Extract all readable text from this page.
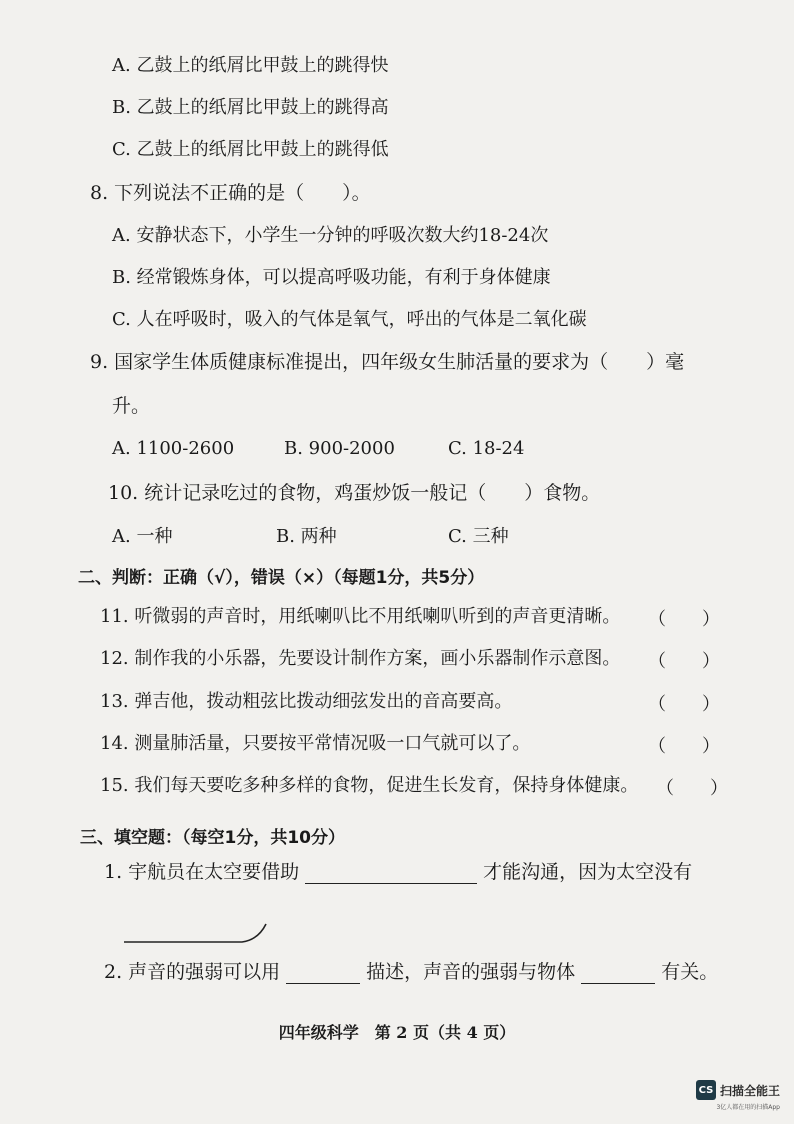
A. 乙鼓上的纸屑比甲鼓上的跳得快
B. 乙鼓上的纸屑比甲鼓上的跳得高
C. 乙鼓上的纸屑比甲鼓上的跳得低
8. 下列说法不正确的是（　　）。
A. 安静状态下，小学生一分钟的呼吸次数大约18-24次
B. 经常锻炼身体，可以提高呼吸功能，有利于身体健康
C. 人在呼吸时，吸入的气体是氧气，呼出的气体是二氧化碳
9. 国家学生体质健康标准提出，四年级女生肺活量的要求为（　　）毫
升。
A. 1100-2600	B. 900-2000	C. 18-24
10. 统计记录吃过的食物，鸡蛋炒饭一般记（　　）食物。
A. 一种	B. 两种	C. 三种
二、判断：正确（√），错误（×）（每题1分，共5分）
11. 听微弱的声音时，用纸喇叭比不用纸喇叭听到的声音更清晰。 （　　）
12. 制作我的小乐器，先要设计制作方案，画小乐器制作示意图。 （　　）
13. 弹吉他，拨动粗弦比拨动细弦发出的音高要高。	（　　）
14. 测量肺活量，只要按平常情况吸一口气就可以了。	（　　）
15. 我们每天要吃多种多样的食物，促进生长发育，保持身体健康。 （　　）
三、填空题：（每空1分，共10分）
1. 宇航员在太空要借助	才能沟通，因为太空没有
2. 声音的强弱可以用	描述，声音的强弱与物体	有关。
四年级科学　第 2 页（共 4 页）
CS 扫描全能王
3亿人都在用的扫描App
